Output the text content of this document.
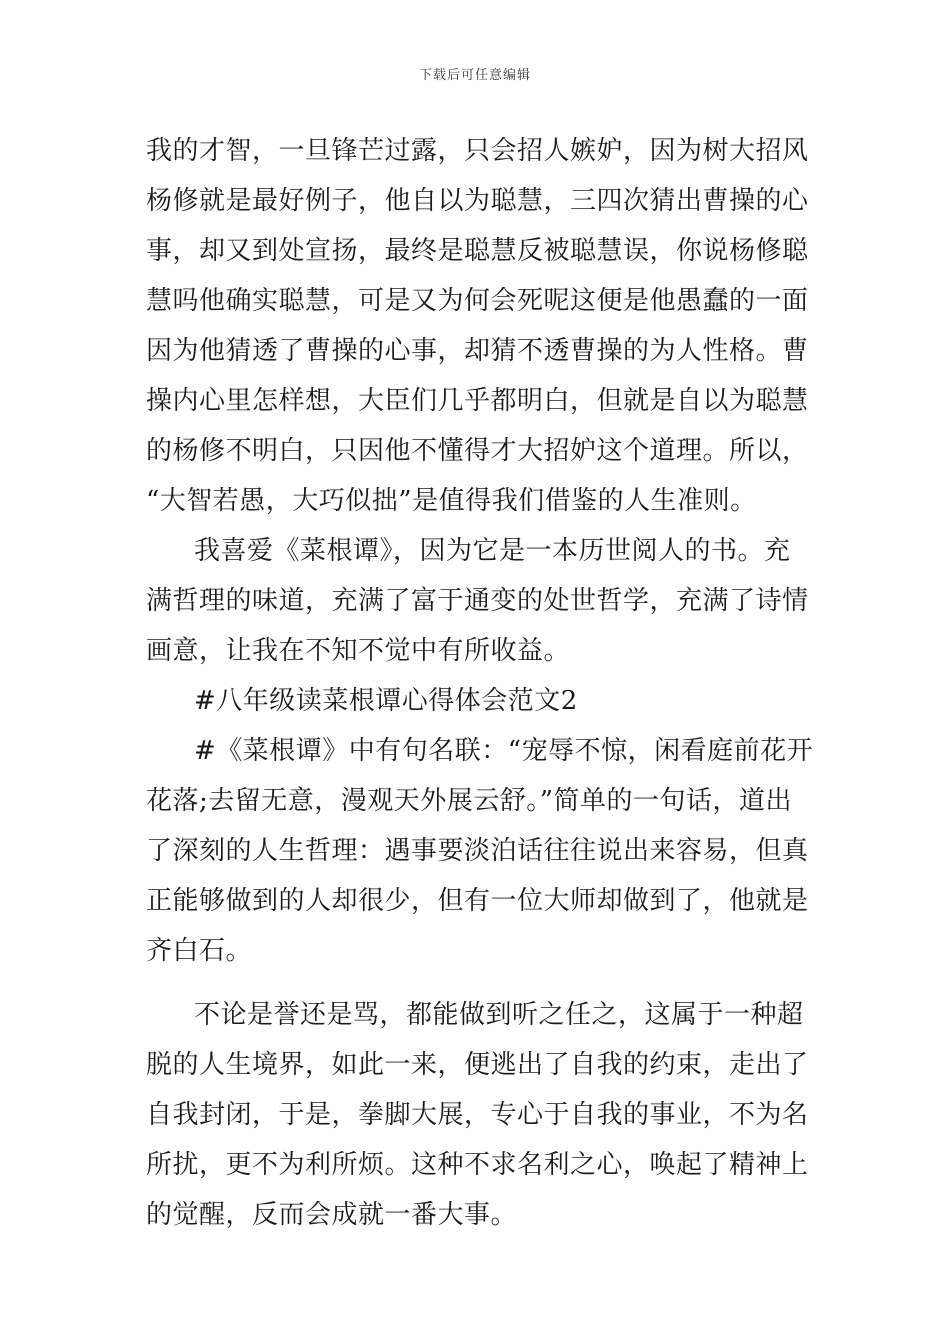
下载后可任意编辑
我的才智，一旦锋芒过露，只会招人嫉妒，因为树大招风
杨修就是最好例子，他自以为聪慧，三四次猜出曹操的心
事，却又到处宣扬，最终是聪慧反被聪慧误，你说杨修聪
慧吗他确实聪慧，可是又为何会死呢这便是他愚蠢的一面
因为他猜透了曹操的心事，却猜不透曹操的为人性格。曹
操内心里怎样想，大臣们几乎都明白，但就是自以为聪慧
的杨修不明白，只因他不懂得才大招妒这个道理。所以，
“大智若愚，大巧似拙”是值得我们借鉴的人生准则。
我喜爱《菜根谭》，因为它是一本历世阅人的书。充
满哲理的味道，充满了富于通变的处世哲学，充满了诗情
画意，让我在不知不觉中有所收益。
#八年级读菜根谭心得体会范文2
#《菜根谭》中有句名联：“宠辱不惊，闲看庭前花开
花落;去留无意，漫观天外展云舒。”简单的一句话，道出
了深刻的人生哲理：遇事要淡泊话往往说出来容易，但真
正能够做到的人却很少，但有一位大师却做到了，他就是
齐白石。
不论是誉还是骂，都能做到听之任之，这属于一种超
脱的人生境界，如此一来，便逃出了自我的约束，走出了
自我封闭，于是，拳脚大展，专心于自我的事业，不为名
所扰，更不为利所烦。这种不求名利之心，唤起了精神上
的觉醒，反而会成就一番大事。
